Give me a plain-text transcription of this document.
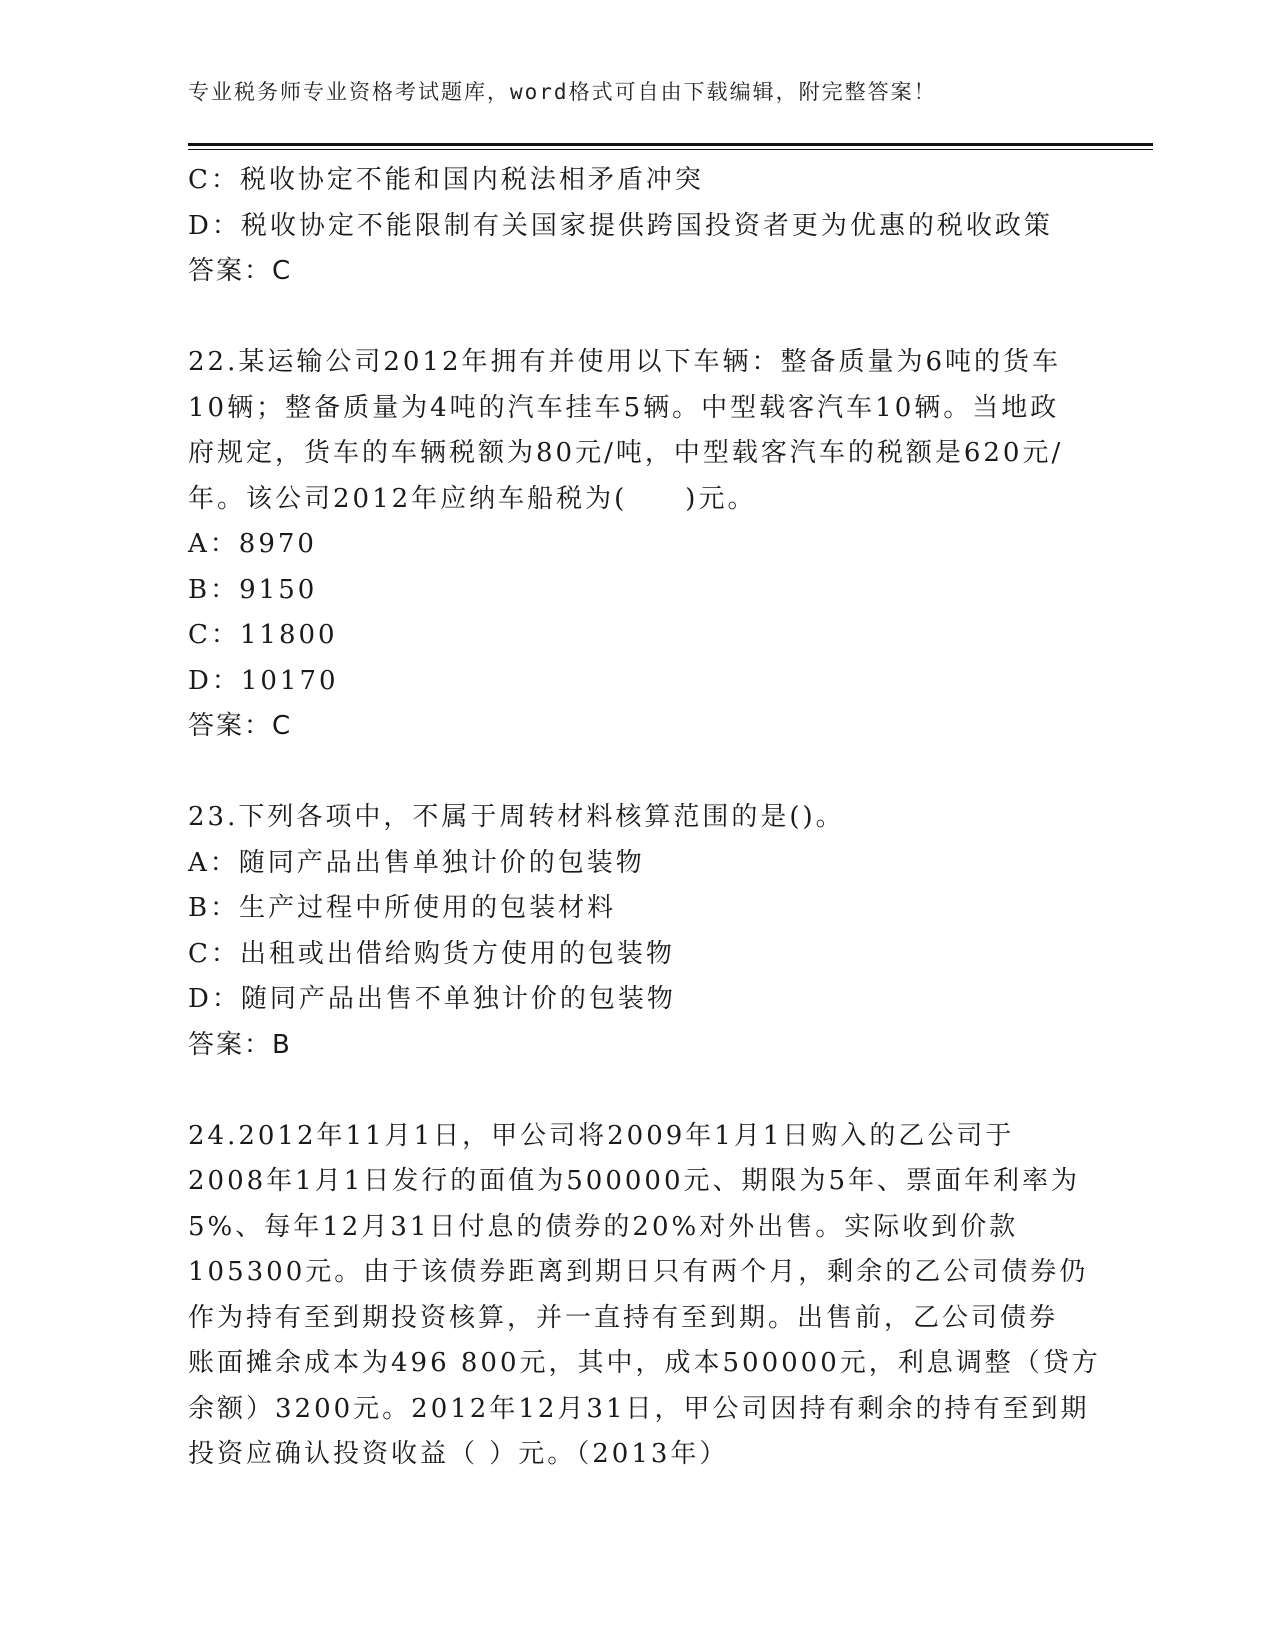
专业税务师专业资格考试题库，word格式可自由下载编辑，附完整答案！
C：税收协定不能和国内税法相矛盾冲突
D：税收协定不能限制有关国家提供跨国投资者更为优惠的税收政策
答案：C
22.某运输公司2012年拥有并使用以下车辆：整备质量为6吨的货车
10辆；整备质量为4吨的汽车挂车5辆。中型载客汽车10辆。当地政
府规定，货车的车辆税额为80元/吨，中型载客汽车的税额是620元/
年。该公司2012年应纳车船税为(　　)元。
A：8970
B：9150
C：11800
D：10170
答案：C
23.下列各项中，不属于周转材料核算范围的是()。
A：随同产品出售单独计价的包装物
B：生产过程中所使用的包装材料
C：出租或出借给购货方使用的包装物
D：随同产品出售不单独计价的包装物
答案：B
24.2012年11月1日，甲公司将2009年1月1日购入的乙公司于
2008年1月1日发行的面值为500000元、期限为5年、票面年利率为
5%、每年12月31日付息的债券的20%对外出售。实际收到价款
105300元。由于该债券距离到期日只有两个月，剩余的乙公司债券仍
作为持有至到期投资核算，并一直持有至到期。出售前，乙公司债券
账面摊余成本为496 800元，其中，成本500000元，利息调整（贷方
余额）3200元。2012年12月31日，甲公司因持有剩余的持有至到期
投资应确认投资收益（ ）元。（2013年）
